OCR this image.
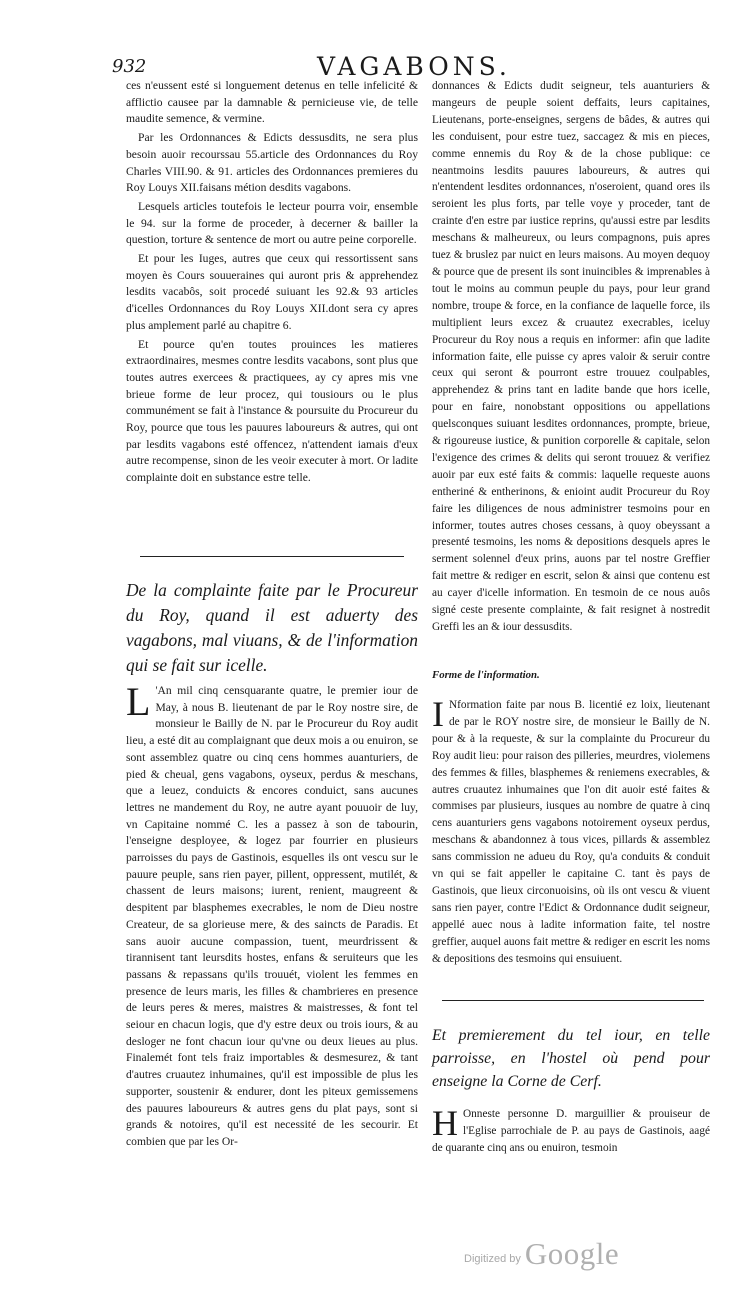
932	VAGABONS.

ces n'eussent esté si longuement detenus en telle infelicité & afflictio causee par la damnable & pernicieuse vie, de telle maudite semence, & vermine.

Par les Ordonnances & Edicts dessusdits, ne sera plus besoin auoir recourssau 55.article des Ordonnances du Roy Charles VIII.90. & 91. articles des Ordonnances premieres du Roy Louys XII.faisans métion desdits vagabons.

Lesquels articles toutefois le lecteur pourra voir, ensemble le 94. sur la forme de proceder, à decerner & bailler la question, torture & sentence de mort ou autre peine corporelle.

Et pour les Iuges, autres que ceux qui ressortissent sans moyen ès Cours souueraines qui auront pris & apprehendez lesdits vacabôs, soit procedé suiuant les 92.& 93 articles d'icelles Ordonnances du Roy Louys XII.dont sera cy apres plus amplement parlé au chapitre 6.

Et pource qu'en toutes prouinces les matieres extraordinaires, mesmes contre lesdits vacabons, sont plus que toutes autres exercees & practiquees, ay cy apres mis vne brieue forme de leur procez, qui tousiours ou le plus communément se fait à l'instance & poursuite du Procureur du Roy, pource que tous les pauures laboureurs & autres, qui ont par lesdits vagabons esté offencez, n'attendent iamais d'eux autre recompense, sinon de les veoir executer à mort. Or ladite complainte doit en substance estre telle.

De la complainte faite par le Procureur du Roy, quand il est aduerty des vagabons, mal viuans, & de l'information qui se fait sur icelle.

L 'An mil cinq censquarante quatre, le premier iour de May, à nous B. lieutenant de par le Roy nostre sire, de monsieur le Bailly de N. par le Procureur du Roy audit lieu, a esté dit au complaignant que deux mois a ou enuiron, se sont assemblez quatre ou cinq cens hommes auanturiers, de pied & cheual, gens vagabons, oyseux, perdus & meschans, que a leuez, conduicts & encores conduict, sans aucunes lettres ne mandement du Roy, ne autre ayant pouuoir de luy, vn Capitaine nommé C. les a passez à son de tabourin, l'enseigne desployee, & logez par fourrier en plusieurs parroisses du pays de Gastinois, esquelles ils ont vescu sur le pauure peuple, sans rien payer, pillent, oppressent, mutilét, & chassent de leurs maisons; iurent, renient, maugreent & despitent par blasphemes execrables, le nom de Dieu nostre Createur, de sa glorieuse mere, & des saincts de Paradis. Et sans auoir aucune compassion, tuent, meurdrissent & tirannisent tant leursdits hostes, enfans & seruiteurs que les passans & repassans qu'ils trouuét, violent les femmes en presence de leurs maris, les filles & chambrieres en presence de leurs peres & meres, maistres & maistresses, & font tel seiour en chacun logis, que d'y estre deux ou trois iours, & au desloger ne font chacun iour qu'vne ou deux lieues au plus. Finalemét font tels fraiz importables & desmesurez, & tant d'autres cruautez inhumaines, qu'il est impossible de plus les supporter, soustenir & endurer, dont les piteux gemissemens des pauures laboureurs & autres gens du plat pays, sont si grands & notoires, qu'il est necessité de les secourir. Et combien que par les Or-

donnances & Edicts dudit seigneur, tels auanturiers & mangeurs de peuple soient deffaits, leurs capitaines, Lieutenans, porte-enseignes, sergens de bâdes, & autres qui les conduisent, pour estre tuez, saccagez & mis en pieces, comme ennemis du Roy & de la chose publique: ce neantmoins lesdits pauures laboureurs, & autres qui n'entendent lesdites ordonnances, n'oseroient, quand ores ils seroient les plus forts, par telle voye y proceder, tant de crainte d'en estre par iustice reprins, qu'aussi estre par lesdits meschans & malheureux, ou leurs compagnons, puis apres tuez & bruslez par nuict en leurs maisons. Au moyen dequoy & pource que de present ils sont inuincibles & imprenables à tout le moins au commun peuple du pays, pour leur grand nombre, troupe & force, en la confiance de laquelle force, ils multiplient leurs excez & cruautez execrables, iceluy Procureur du Roy nous a requis en informer: afin que ladite information faite, elle puisse cy apres valoir & seruir contre ceux qui seront & pourront estre trouuez coulpables, apprehendez & prins tant en ladite bande que hors icelle, pour en faire, nonobstant oppositions ou appellations quelsconques suiuant lesdites ordonnances, prompte, brieue, & rigoureuse iustice, & punition corporelle & capitale, selon l'exigence des crimes & delits qui seront trouuez & verifiez auoir par eux esté faits & commis: laquelle requeste auons entheriné & entherinons, & enioint audit Procureur du Roy faire les diligences de nous administrer tesmoins pour en informer, toutes autres choses cessans, à quoy obeyssant a presenté tesmoins, les noms & depositions desquels apres le serment solennel d'eux prins, auons par tel nostre Greffier fait mettre & rediger en escrit, selon & ainsi que contenu est au cayer d'icelle information. En tesmoin de ce nous auôs signé ceste presente complainte, & fait resignet à nostredit Greffi les an & iour dessusdits.

Forme de l'information.

I Nformation faite par nous B. licentié ez loix, lieutenant de par le ROY nostre sire, de monsieur le Bailly de N. pour & à la requeste, & sur la complainte du Procureur du Roy audit lieu: pour raison des pilleries, meurdres, violemens des femmes & filles, blasphemes & reniemens execrables, & autres cruautez inhumaines que l'on dit auoir esté faites & commises par plusieurs, iusques au nombre de quatre à cinq cens auanturiers gens vagabons notoirement oyseux perdus, meschans & abandonnez à tous vices, pillards & assemblez sans commission ne adueu du Roy, qu'a conduits & conduit vn qui se fait appeller le capitaine C. tant ès pays de Gastinois, que lieux circonuoisins, où ils ont vescu & viuent sans rien payer, contre l'Edict & Ordonnance dudit seigneur, appellé auec nous à ladite information faite, tel nostre greffier, auquel auons fait mettre & rediger en escrit les noms & depositions des tesmoins qui ensuiuent.

Et premierement du tel iour, en telle parroisse, en l'hostel où pend pour enseigne la Corne de Cerf.

H Onneste personne D. marguillier & prouiseur de l'Eglise parrochiale de P. au pays de Gastinois, aagé de quarante cinq ans ou enuiron, tesmoin

Digitized by Google
